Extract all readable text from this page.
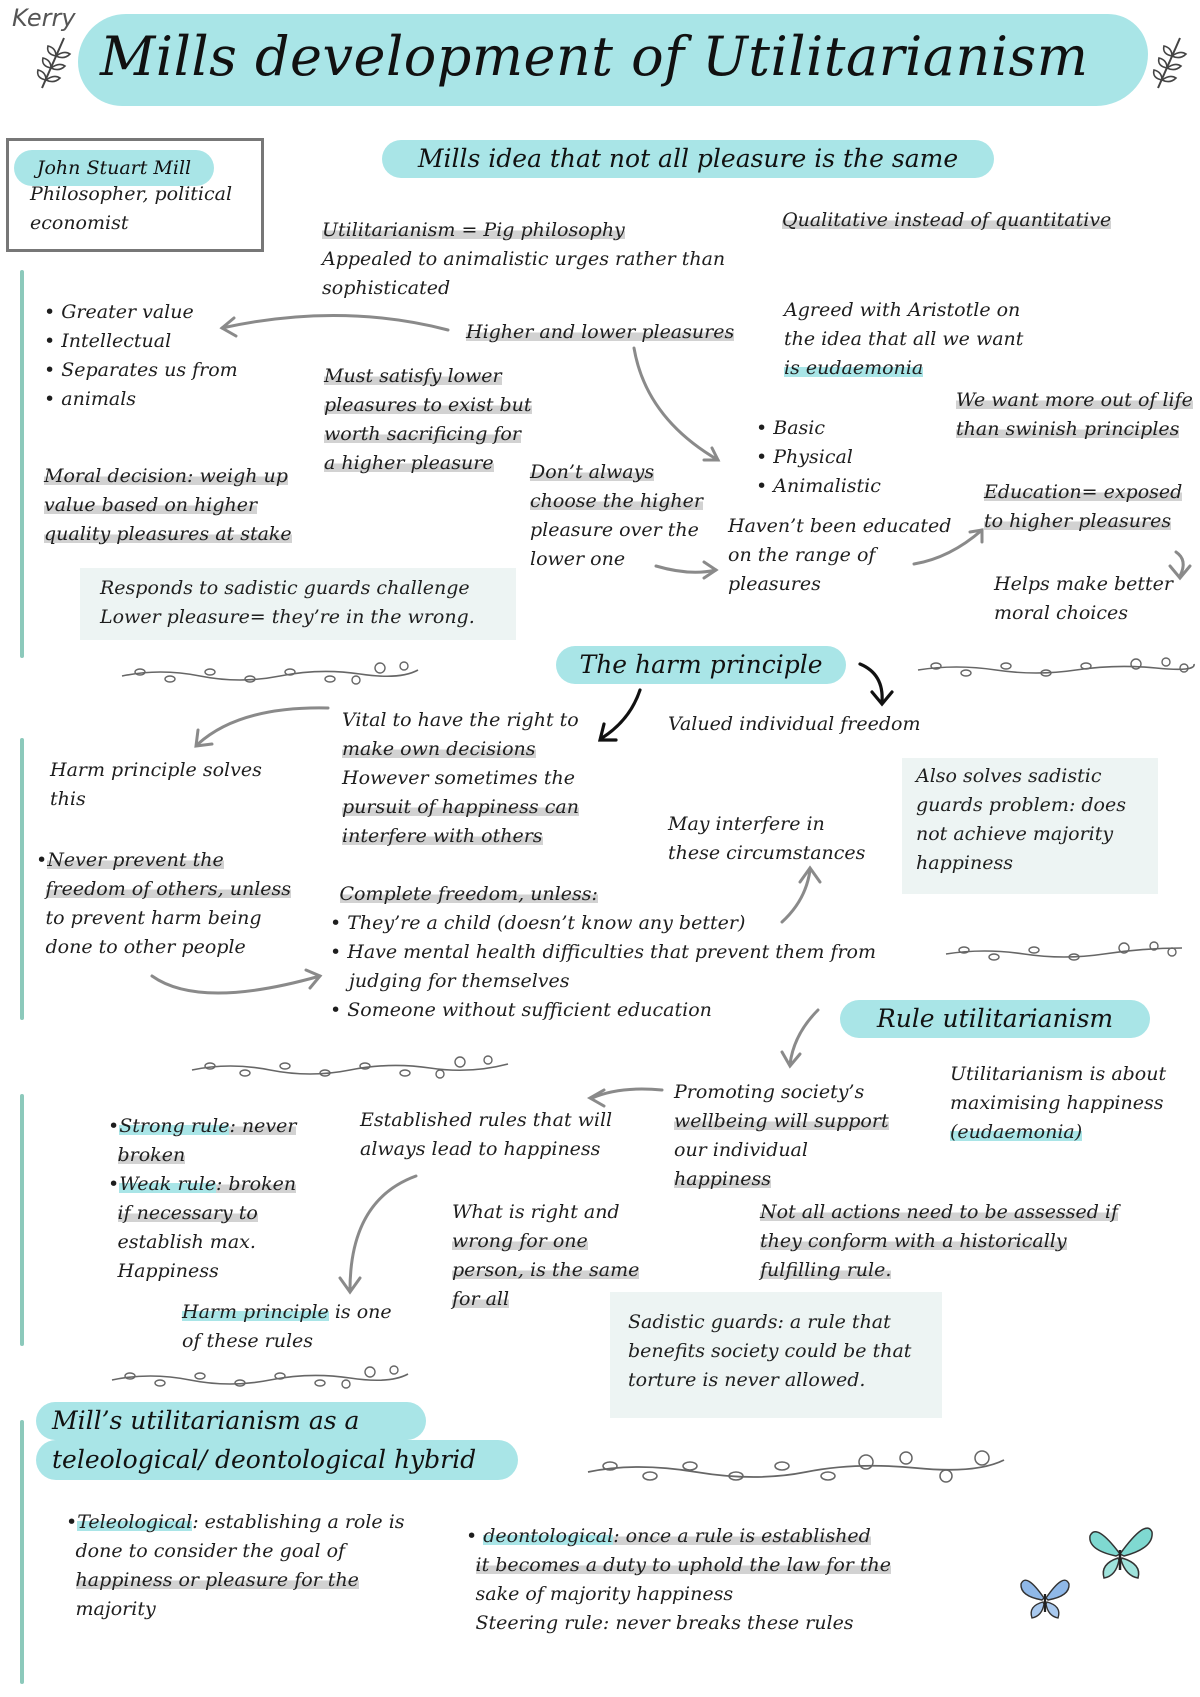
Kerry
Mills development of Utilitarianism
John Stuart Mill
Philosopher, political
economist
Mills idea that not all pleasure is the same
Utilitarianism = Pig philosophy
Appealed to animalistic urges rather than
sophisticated
Qualitative instead of quantitative
Higher and lower pleasures
• Greater value
• Intellectual
• Separates us from
• animals
Must satisfy lower
pleasures to exist but
worth sacrificing for
a higher pleasure
Agreed with Aristotle on
the idea that all we want
is eudaemonia
We want more out of life
than swinish principles
• Basic
• Physical
• Animalistic
Moral decision: weigh up
value based on higher
quality pleasures at stake
Don’t always
choose the higher
pleasure over the
lower one
Haven’t been educated
on the range of
pleasures
Education= exposed
to higher pleasures
Helps make better
moral choices
Responds to sadistic guards challenge
Lower pleasure= they’re in the wrong.
The harm principle
Vital to have the right to
make own decisions
However sometimes the
pursuit of happiness can
interfere with others
Valued individual freedom
Harm principle solves
this
•Never prevent the
 freedom of others, unless
 to prevent harm being
 done to other people
May interfere in
these circumstances
Also solves sadistic
guards problem: does
not achieve majority
happiness
 Complete freedom, unless:
• They’re a child (doesn’t know any better)
• Have mental health difficulties that prevent them from
  judging for themselves
• Someone without sufficient education	Rule utilitarianism
Promoting society’s
wellbeing will support
our individual
happiness
Utilitarianism is about
maximising happiness
(eudaemonia)
•Strong rule: never
 broken
•Weak rule: broken
 if necessary to
 establish max.
 Happiness
Established rules that will
always lead to happiness
What is right and
wrong for one
person, is the same
for all
Not all actions need to be assessed if
they conform with a historically
fulfilling rule.
Harm principle is one
of these rules
Sadistic guards: a rule that
benefits society could be that
torture is never allowed.
Mill’s utilitarianism as a
teleological/ deontological hybrid
•Teleological: establishing a role is
 done to consider the goal of
 happiness or pleasure for the
 majority
• deontological: once a rule is established
 it becomes a duty to uphold the law for the
 sake of majority happiness
 Steering rule: never breaks these rules
